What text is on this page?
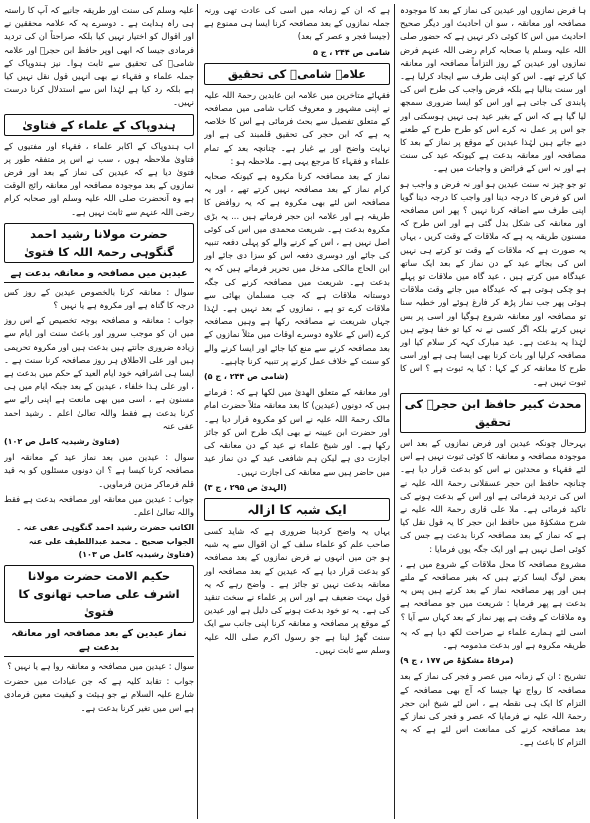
ہا فرض نمازوں اور عیدین کی نماز کے بعد کا موجودہ مصافحہ اور معانقہ ، سو ان احادیث اور دیگر صحیح احادیث میں اس کا کوئی ذکر نہیں ہے کہ حضور صلی اللہ علیہ وسلم یا صحابہ کرام رضی اللہ عنہم فرض نمازوں اور عیدین کے روز التزاماً مصافحہ اور معانقہ کیا کرتے تھے۔ اس کو اپنی طرف سے ایجاد کرلیا ہے۔ اور سنت بنالیا ہے بلکہ فرض واجب کی طرح اس کی پابندی کی جاتی ہے اور اس کو ایسا ضروری سمجھ لیا گیا ہے کہ اس کے بغیر عید ہی نہیں ہوسکتی اور جو اس پر عمل نہ کرے اس کو طرح طرح کے طعنے دیے جاتے ہیں لہٰذا عیدین کے موقع پر نماز کے بعد کا مصافحہ اور معانقہ بدعت ہے کیونکہ عید کی سنت ہے اور نہ اس کے فرائض و واجبات میں ہے۔

تو جو چیز نہ سنت عیدین ہو اور نہ فرض و واجب ہو اس کو فرض کا درجہ دینا اور واجب کا درجہ دینا گویا اپنی طرف سے اضافہ کرنا نہیں ؟ پھر اس مصافحہ اور معانقہ کی شکل بدل گئی ہے اور اس طرح کہ مسنون طریقہ یہ ہے کہ ملاقات کے وقت کریں ، یہاں یہ صورت ہے کہ ملاقات کے وقت تو کرتے ہی نہیں اس کی بجائے عید کے دن نماز کے بعد ایک ساتھ عیدگاہ میں کرتے ہیں ، عید گاہ میں ملاقات تو پہلے ہو چکی ہوتی ہے کہ عیدگاہ میں جاتے وقت ملاقات ہوئی پھر جب نماز پڑھ کر فارغ ہوئے اور خطبہ سنا تو مصافحہ اور معانقہ شروع ہوگیا اور اسی پر بس نہیں کرتے بلکہ اگر کسی نے نہ کیا تو خفا ہوتے ہیں لہٰذا یہ بدعت ہے۔ عید مبارک کہہ کر سلام کیا اور مصافحہ کرلیا اور بات کرنا بھی ایسا ہی ہے اور اسی طرح کا معانقہ کر کے کہا : کیا یہ ثبوت ہے ؟ اس کا ثبوت نہیں ہے۔

محدث کبیر حافظ ابن حجرؒ کی تحقیق

بہرحال چونکہ عیدین اور فرض نمازوں کے بعد اس موجودہ مصافحہ و معانقہ کا کوئی ثبوت نہیں ہے اس لئے فقہاء و محدثین نے اس کو بدعت قرار دیا ہے۔ چنانچہ حافظ ابن حجر عسقلانی رحمۃ اللہ علیہ نے اس کی تردید فرمائی ہے اور اس کے بدعت ہونے کی تاکید فرمائی ہے۔ ملا علی قاری رحمۃ اللہ علیہ نے شرح مشکوٰۃ میں حافظ ابن حجر کا یہ قول نقل کیا ہے کہ نماز کے بعد مصافحہ کرنا بدعت ہے جس کی کوئی اصل نہیں ہے اور ایک جگہ یوں فرمایا :

مشروع مصافحہ کا محل ملاقات کے شروع میں ہے ، بعض لوگ ایسا کرتے ہیں کہ بغیر مصافحہ کے ملتے ہیں اور پھر مصافحہ نماز کے بعد کرتے ہیں پس یہ بدعت ہے پھر فرمایا : شریعت میں جو مصافحہ ہے وہ ملاقات کے وقت ہے پھر نماز کے بعد کہاں سے آیا ؟

اسی لئے ہمارے علماء نے صراحت لکھ دیا ہے کہ یہ طریقہ مکروہ ہے اور بدعت مذمومہ ہے۔

(مرقاۃ مشکوٰۃ ص ۱۷۷ ، ج ۹)

تشریح : ان کے زمانہ میں عصر و فجر کی نماز کے بعد مصافحہ کا رواج تھا جیسا کہ آج بھی مصافحہ کے التزام کا ایک ہی نقطہ ہے ، اس لئے شیخ ابن حجر رحمۃ اللہ علیہ نے فرمایا کہ عصر و فجر کی نماز کے بعد مصافحہ کرنے کی ممانعت اس لئے ہے کہ یہ التزام کا باعث ہے۔

ہے کہ ان کے زمانہ میں اسی کی عادت تھی ورنہ جملہ نمازوں کے بعد مصافحہ کرنا ایسا ہی ممنوع ہے (جیسا فجر و عصر کے بعد)

شامی ص ۲۴۴ ، ج ۵
علامہ شامیؒ کی تحقیق

فقہائے متاخرین میں علامہ ابن عابدین رحمۃ اللہ علیہ نے اپنی مشہور و معروف کتاب شامی میں مصافحہ کے متعلق تفصیل سے بحث فرمائی ہے اس کا خلاصہ یہ ہے کہ ابن حجر کی تحقیق قلمبند کی ہے اور نہایت واضح اور بے غبار ہے۔ چنانچہ بعد کے تمام علماء و فقہاء کا مرجع یہی ہے۔ ملاحظہ ہو :

نماز کے بعد مصافحہ کرنا مکروہ ہے کیونکہ صحابہ کرام نماز کے بعد مصافحہ نہیں کرتے تھے ، اور یہ مصافحہ اس لئے بھی مکروہ ہے کہ یہ روافض کا طریقہ ہے اور علامہ ابن حجر فرماتے ہیں ... یہ بڑی مکروہ بدعت ہے۔ شریعت محمدی میں اس کی کوئی اصل نہیں ہے ، اس کے کرنے والے کو پہلی دفعہ تنبیہ کی جائے اور دوسری دفعہ اس کو سزا دی جائے اور ابن الحاج مالکی مدخل میں تحریر فرماتے ہیں کہ یہ بدعت ہے۔ شریعت میں مصافحہ کرنے کی جگہ دوستانہ ملاقات ہے کہ جب مسلمان بھائی سے ملاقات کرے تو ہے ، نمازوں کے بعد نہیں ہے۔ لہٰذا جہاں شریعت نے مصافحہ رکھا ہے وہیں مصافحہ کرے (اس کے علاوہ دوسرے اوقات میں مثلاً نمازوں کے بعد مصافحہ کرنے سے منع کیا جائے اور ایسا کرنے والے کو سنت کے خلاف عمل کرنے پر تنبیہ کرنا چاہیے۔

(شامی ص ۲۴۴ ، ج ۵)

اور معانقہ کے متعلق الھدیٰ میں لکھا ہے کہ : فرماتے ہیں کہ دونوں (عیدین) کا بعد معانقہ مثلاً حضرت امام مالک رحمۃ اللہ علیہ نے اس کو مکروہ قرار دیا ہے۔ اور حضرت ابن عیینہ نے بھی ایک طرح اس کو جائز رکھا ہے۔ اور شیخ علماء نے عید کے دن معانقہ کی اجازت دی ہے لیکن ہم شافعی عید کے دن نماز عید میں حاضر ہیں سے معانقہ کی اجازت نہیں۔

(الہدیٰ ص ۲۹۵ ، ج ۳)
ایک شبہ کا ازالہ

یہاں یہ واضح کردینا ضروری ہے کہ شاید کسی صاحب علم کو علماء سلف کے ان اقوال سے یہ شبہ ہو جن میں انہوں نے فرض نمازوں کے بعد مصافحہ کو بدعت قرار دیا ہے کہ عیدین کے بعد مصافحہ اور معانقہ بدعت نہیں تو جائز ہے ۔ واضح رہے کہ یہ قول بہت ضعیف ہے اور اس پر علماء نے سخت تنقید کی ہے۔ یہ تو خود بدعت ہونے کی دلیل ہے اور عیدین کے موقع پر مصافحہ و معانقہ کرنا اپنی جانب سے ایک سنت گھڑ لینا ہے جو رسول اکرم صلی اللہ علیہ وسلم سے ثابت نہیں۔

علیہ وسلم کی سنت اور طریقہ جانیے کہ آپ کا راستہ ہی راہ ہدایت ہے ۔ دوسرے یہ کہ علامہ محققین نے اور اقوال کو اختیار نہیں کیا بلکہ صراحتاً ان کی تردید فرمادی جیسا کہ ابھی اوپر حافظ ابن حجرؒ اور علامہ شامیؒ کی تحقیق سے ثابت ہوا۔ نیز ہندوپاک کے جملہ علماء و فقہاء نے بھی انہیں قول نقل نہیں کیا ہے بلکہ رد کیا ہے لہٰذا اس سے استدلال کرنا درست نہیں۔

ہندوپاک کے علماء کے فتاویٰ

اب ہندوپاک کے اکابر علماء ، فقہاء اور مفتیوں کے فتاویٰ ملاحظہ ہوں ، سب نے اس پر متفقہ طور پر فتویٰ دیا ہے کہ عیدین کی نماز کے بعد اور فرض نمازوں کے بعد موجودہ مصافحہ اور معانقہ رائج الوقت ہے وہ آنحضرت صلی اللہ علیہ وسلم اور صحابہ کرام رضی اللہ عنہم سے ثابت نہیں ہے۔

حضرت مولانا رشید احمد گنگوہی رحمۃ اللہ کا فتویٰ
عیدین میں مصافحہ و معانقہ بدعت ہے

سوال : معانقہ کرنا بالخصوص عیدین کے روز کس درجہ کا گناہ ہے اور مکروہ ہے یا نہیں ؟

جواب : معانقہ و مصافحہ بوجہ تخصیص کے اس روز میں ان کو موجب سرور اور باعث سنت اور ایام سے زیادہ ضروری جانتے ہیں بدعت ہیں اور مکروہ تحریمی ہیں اور علی الاطلاق ہر روز مصافحہ کرنا سنت ہے ۔ ایسا ہی اشرافیہ خود ایام العید کے حکم میں بدعت ہے ، اور علی ہذا خلفاء ، عیدین کے بعد جبکہ ایام میں ہی مسنون ہے ، اسی میں بھی مانعت ہے اپنی رائے سے کرنا بدعت ہے فقط واللہ تعالیٰ اعلم ۔ رشید احمد عفی عنہ

(فتاویٰ رشیدیہ کامل ص ۱۰۲)

سوال : عیدین میں بعد نماز عید کے معانقہ اور مصافحہ کرنا کیسا ہے ؟ ان دونوں مسئلوں کو بہ قید قلم فرماکر مزین فرماویں۔

جواب : عیدین میں معانقہ اور مصافحہ بدعت ہے فقط واللہ تعالیٰ اعلم۔

الکاتب حضرت رشید احمد گنگوہی عفی عنہ ۔ الجواب صحیح ۔ محمد عبداللطیف علی عنہ (فتاویٰ رشیدیہ کامل ص ۱۰۳)
حکیم الامت حضرت مولانا اشرف علی صاحب تھانوی کا فتویٰ
نماز عیدین کے بعد مصافحہ اور معانقہ بدعت ہے

سوال : عیدین میں مصافحہ و معانقہ روا ہے یا نہیں ؟

جواب : تقابد کلیہ ہے کہ جن عبادات میں حضرت شارع علیہ السلام نے جو ہیئت و کیفیت معین فرمادی ہے اس میں تغیر کرنا بدعت ہے۔
